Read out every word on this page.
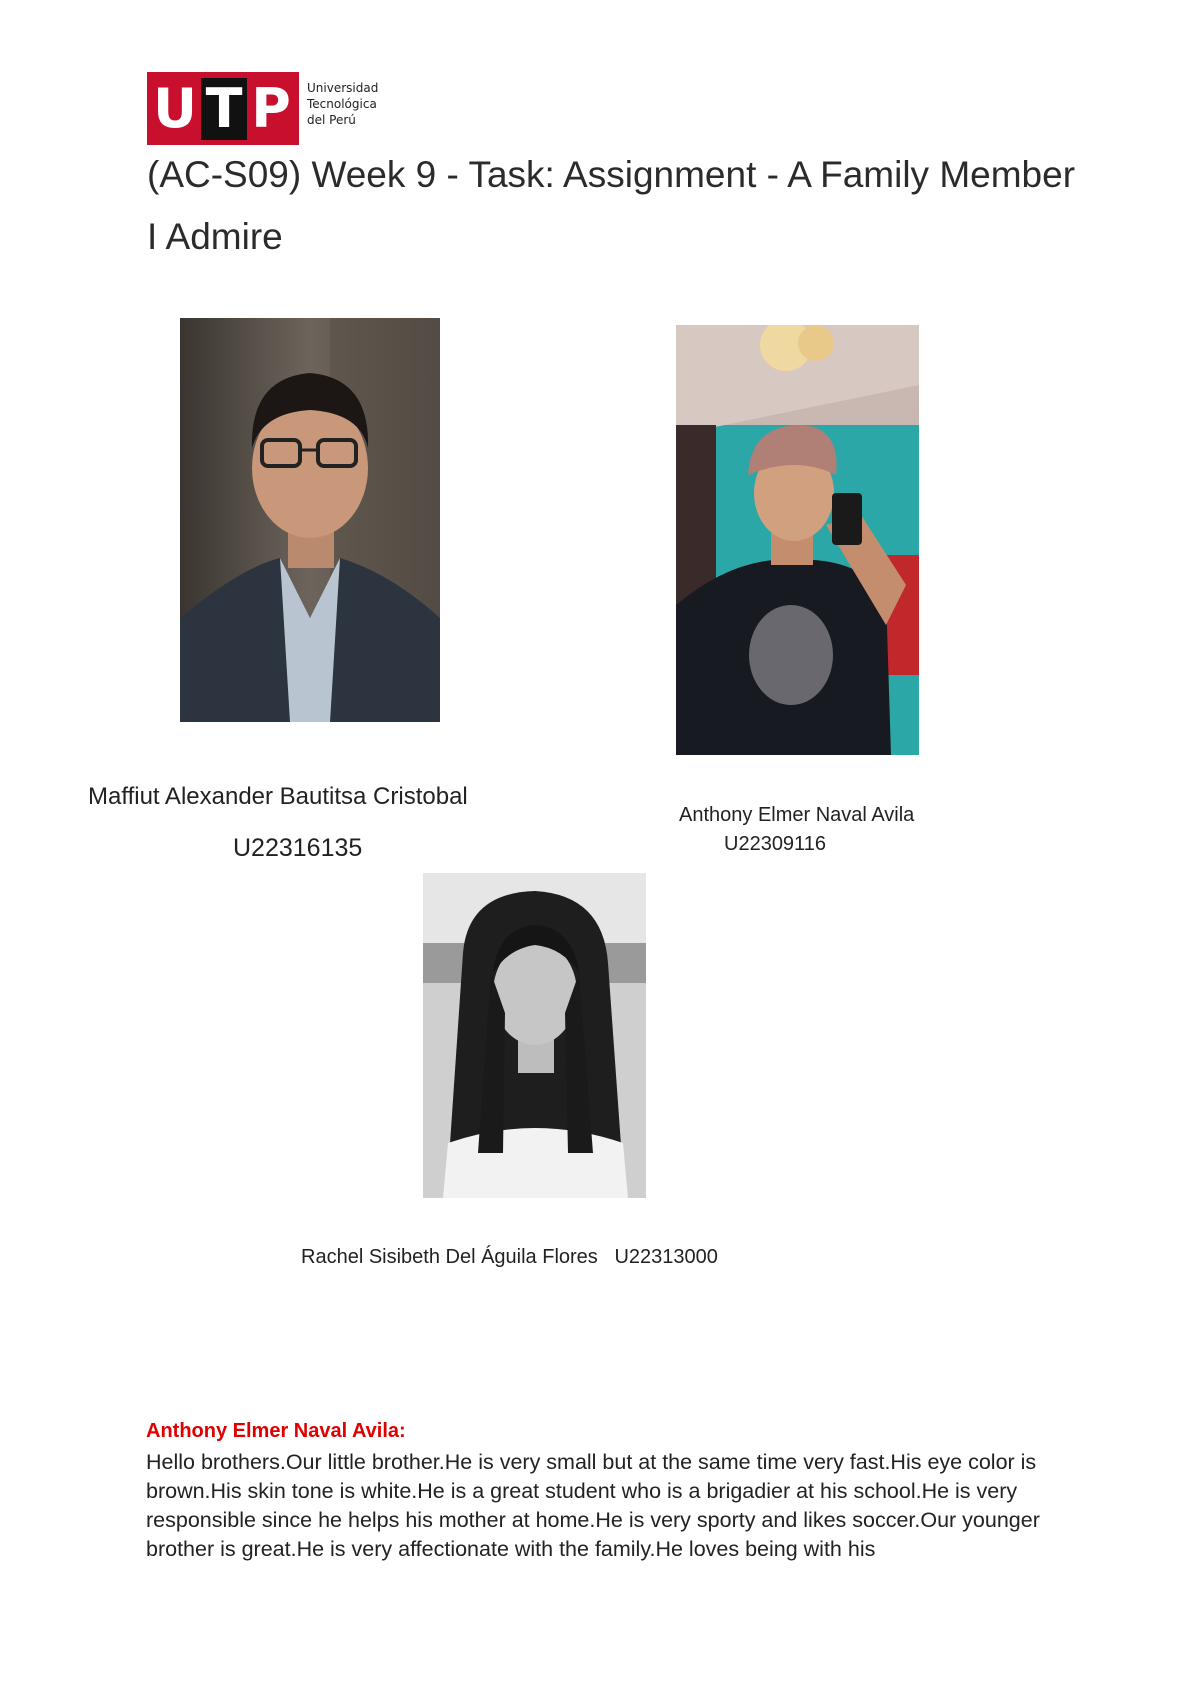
U T P Universidad
Tecnológica
del Perú
(AC-S09) Week 9 - Task: Assignment - A Family Member I Admire
Maffiut Alexander Bautitsa Cristobal
U22316135
Anthony Elmer Naval Avila
U22309116
Rachel Sisibeth Del Águila Flores U22313000
Anthony Elmer Naval Avila:
Hello brothers.Our little brother.He is very small but at the same time very fast.His eye color is brown.His skin tone is white.He is a great student who is a brigadier at his school.He is very responsible since he helps his mother at home.He is very sporty and likes soccer.Our younger brother is great.He is very affectionate with the family.He loves being with his
